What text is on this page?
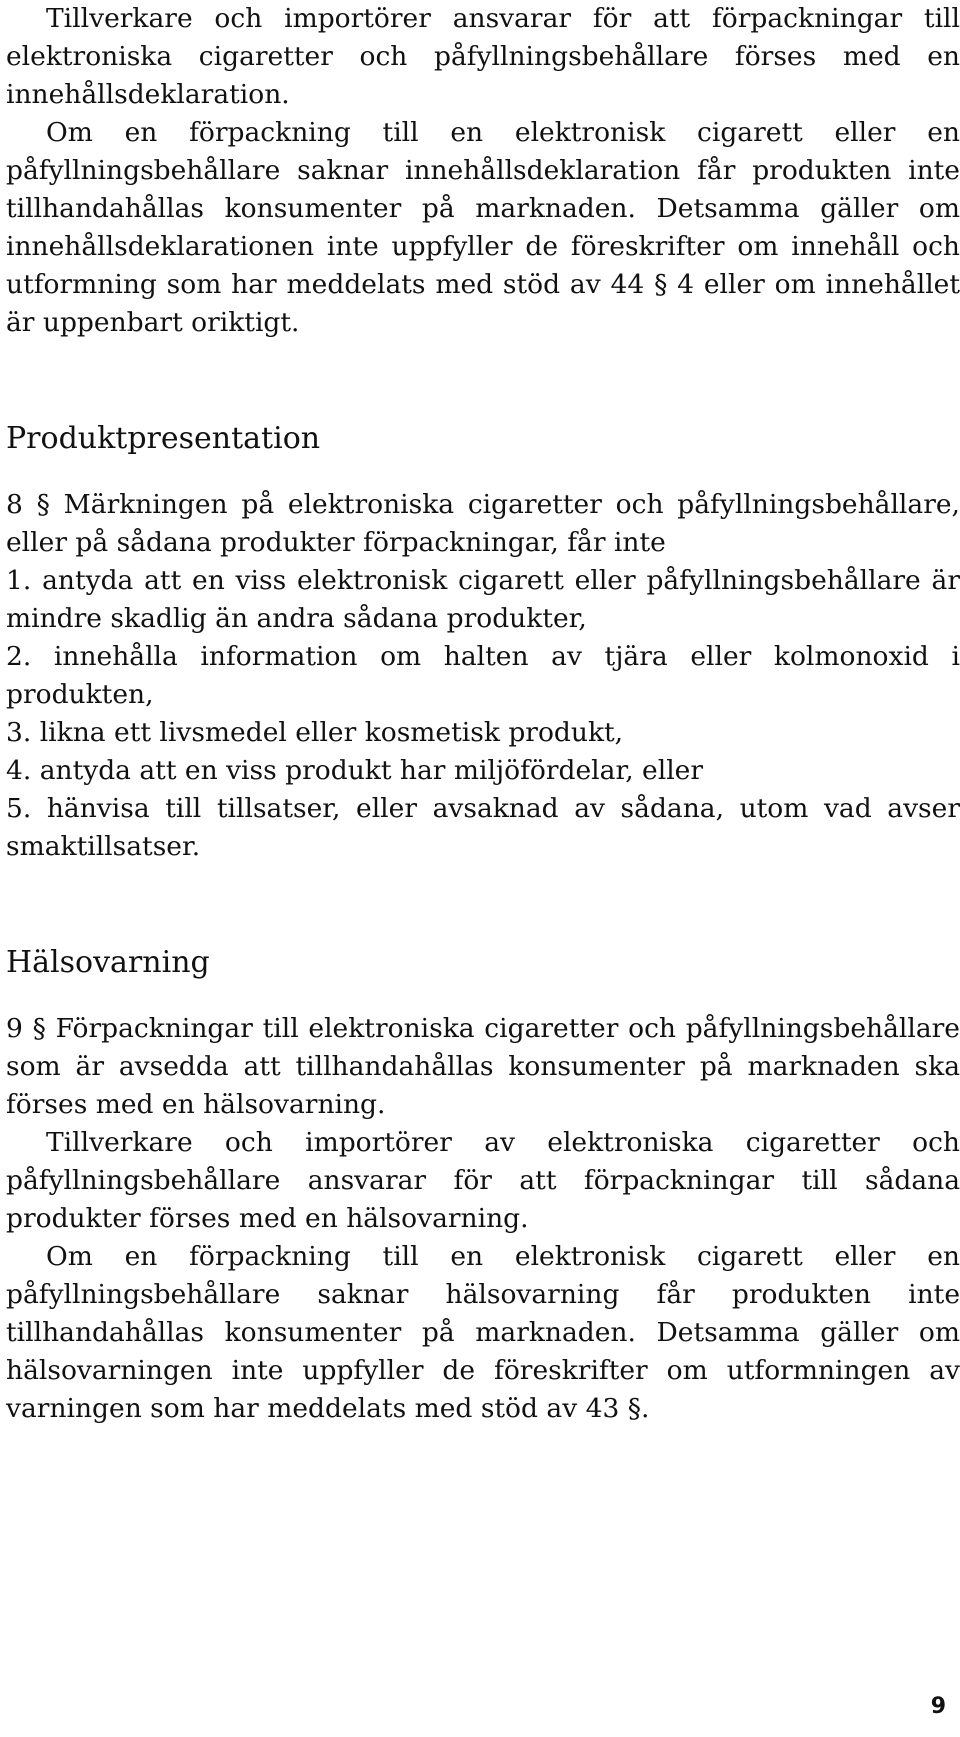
Tillverkare och importörer ansvarar för att förpackningar till elektroniska cigaretter och påfyllningsbehållare förses med en innehållsdeklaration.

Om en förpackning till en elektronisk cigarett eller en påfyllningsbehållare saknar innehållsdeklaration får produkten inte tillhandahållas konsumenter på marknaden. Detsamma gäller om innehållsdeklarationen inte uppfyller de föreskrifter om innehåll och utformning som har meddelats med stöd av 44 § 4 eller om innehållet är uppenbart oriktigt.

Produktpresentation

8 § Märkningen på elektroniska cigaretter och påfyllningsbehållare, eller på sådana produkter förpackningar, får inte

1. antyda att en viss elektronisk cigarett eller påfyllningsbehållare är mindre skadlig än andra sådana produkter,

2. innehålla information om halten av tjära eller kolmonoxid i produkten,

3. likna ett livsmedel eller kosmetisk produkt,

4. antyda att en viss produkt har miljöfördelar, eller

5. hänvisa till tillsatser, eller avsaknad av sådana, utom vad avser smaktillsatser.

Hälsovarning

9 § Förpackningar till elektroniska cigaretter och påfyllningsbehållare som är avsedda att tillhandahållas konsumenter på marknaden ska förses med en hälsovarning.

Tillverkare och importörer av elektroniska cigaretter och påfyllningsbehållare ansvarar för att förpackningar till sådana produkter förses med en hälsovarning.

Om en förpackning till en elektronisk cigarett eller en påfyllningsbehållare saknar hälsovarning får produkten inte tillhandahållas konsumenter på marknaden. Detsamma gäller om hälsovarningen inte uppfyller de föreskrifter om utformningen av varningen som har meddelats med stöd av 43 §.

9
